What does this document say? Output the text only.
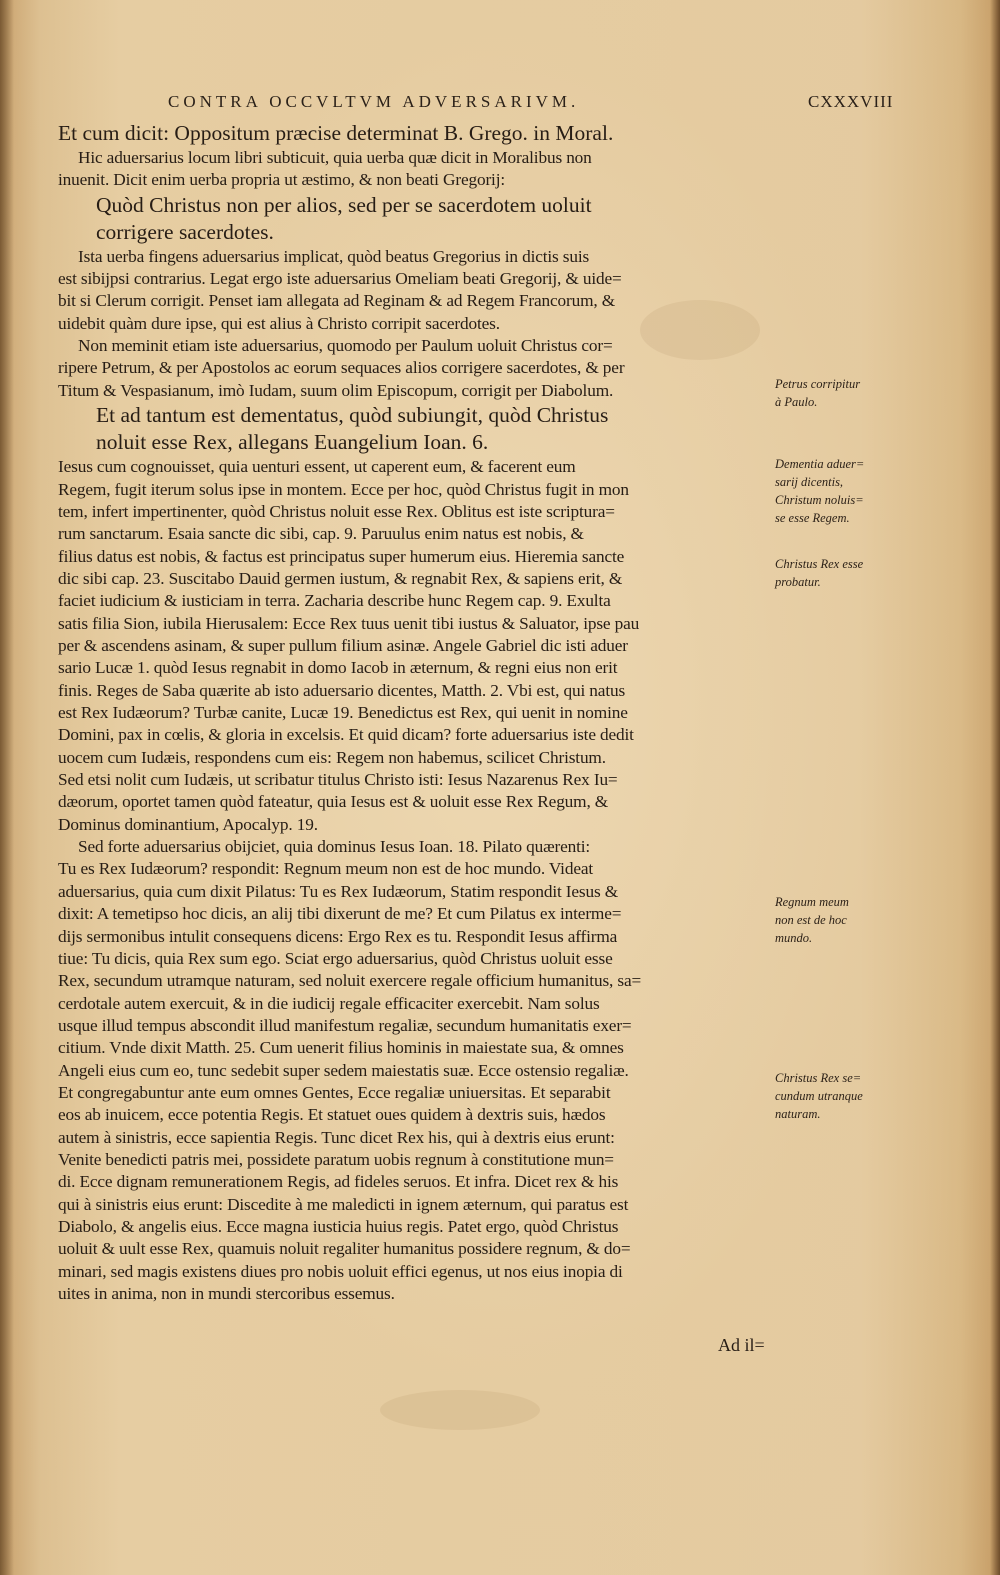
CONTRA OCCVLTVM ADVERSARIVM.	CXXXVIII
Et cum dicit: Oppositum præcise determinat B. Grego. in Moral.
Hic aduersarius locum libri subticuit, quia uerba quæ dicit in Moralibus non
inuenit. Dicit enim uerba propria ut æstimo, & non beati Gregorij:
Quòd Christus non per alios, sed per se sacerdotem uoluit
corrigere sacerdotes.
Ista uerba fingens aduersarius implicat, quòd beatus Gregorius in dictis suis
est sibijpsi contrarius. Legat ergo iste aduersarius Omeliam beati Gregorij, & uide=
bit si Clerum corrigit. Penset iam allegata ad Reginam & ad Regem Francorum, &
uidebit quàm dure ipse, qui est alius à Christo corripit sacerdotes.
Non meminit etiam iste aduersarius, quomodo per Paulum uoluit Christus cor=
ripere Petrum, & per Apostolos ac eorum sequaces alios corrigere sacerdotes, & per
Titum & Vespasianum, imò Iudam, suum olim Episcopum, corrigit per Diabolum.
Et ad tantum est dementatus, quòd subiungit, quòd Christus
noluit esse Rex, allegans Euangelium Ioan. 6.
Iesus cum cognouisset, quia uenturi essent, ut caperent eum, & facerent eum
Regem, fugit iterum solus ipse in montem. Ecce per hoc, quòd Christus fugit in mon
tem, infert impertinenter, quòd Christus noluit esse Rex. Oblitus est iste scriptura=
rum sanctarum. Esaia sancte dic sibi, cap. 9. Paruulus enim natus est nobis, &
filius datus est nobis, & factus est principatus super humerum eius. Hieremia sancte
dic sibi cap. 23. Suscitabo Dauid germen iustum, & regnabit Rex, & sapiens erit, &
faciet iudicium & iusticiam in terra. Zacharia describe hunc Regem cap. 9. Exulta
satis filia Sion, iubila Hierusalem: Ecce Rex tuus uenit tibi iustus & Saluator, ipse pau
per & ascendens asinam, & super pullum filium asinæ. Angele Gabriel dic isti aduer
sario Lucæ 1. quòd Iesus regnabit in domo Iacob in æternum, & regni eius non erit
finis. Reges de Saba quærite ab isto aduersario dicentes, Matth. 2. Vbi est, qui natus
est Rex Iudæorum? Turbæ canite, Lucæ 19. Benedictus est Rex, qui uenit in nomine
Domini, pax in cœlis, & gloria in excelsis. Et quid dicam? forte aduersarius iste dedit
uocem cum Iudæis, respondens cum eis: Regem non habemus, scilicet Christum.
Sed etsi nolit cum Iudæis, ut scribatur titulus Christo isti: Iesus Nazarenus Rex Iu=
dæorum, oportet tamen quòd fateatur, quia Iesus est & uoluit esse Rex Regum, &
Dominus dominantium, Apocalyp. 19.
Sed forte aduersarius obijciet, quia dominus Iesus Ioan. 18. Pilato quærenti:
Tu es Rex Iudæorum? respondit: Regnum meum non est de hoc mundo. Videat
aduersarius, quia cum dixit Pilatus: Tu es Rex Iudæorum, Statim respondit Iesus &
dixit: A temetipso hoc dicis, an alij tibi dixerunt de me? Et cum Pilatus ex interme=
dijs sermonibus intulit consequens dicens: Ergo Rex es tu. Respondit Iesus affirma
tiue: Tu dicis, quia Rex sum ego. Sciat ergo aduersarius, quòd Christus uoluit esse
Rex, secundum utramque naturam, sed noluit exercere regale officium humanitus, sa=
cerdotale autem exercuit, & in die iudicij regale efficaciter exercebit. Nam solus
usque illud tempus abscondit illud manifestum regaliæ, secundum humanitatis exer=
citium. Vnde dixit Matth. 25. Cum uenerit filius hominis in maiestate sua, & omnes
Angeli eius cum eo, tunc sedebit super sedem maiestatis suæ. Ecce ostensio regaliæ.
Et congregabuntur ante eum omnes Gentes, Ecce regaliæ uniuersitas. Et separabit
eos ab inuicem, ecce potentia Regis. Et statuet oues quidem à dextris suis, hædos
autem à sinistris, ecce sapientia Regis. Tunc dicet Rex his, qui à dextris eius erunt:
Venite benedicti patris mei, possidete paratum uobis regnum à constitutione mun=
di. Ecce dignam remunerationem Regis, ad fideles seruos. Et infra. Dicet rex & his
qui à sinistris eius erunt: Discedite à me maledicti in ignem æternum, qui paratus est
Diabolo, & angelis eius. Ecce magna iusticia huius regis. Patet ergo, quòd Christus
uoluit & uult esse Rex, quamuis noluit regaliter humanitus possidere regnum, & do=
minari, sed magis existens diues pro nobis uoluit effici egenus, ut nos eius inopia di
uites in anima, non in mundi stercoribus essemus.
Petrus corripitur
à Paulo.
Dementia aduer=
sarij dicentis,
Christum noluis=
se esse Regem.
Christus Rex esse
probatur.
Regnum meum
non est de hoc
mundo.
Christus Rex se=
cundum utranque
naturam.
Ad il=
